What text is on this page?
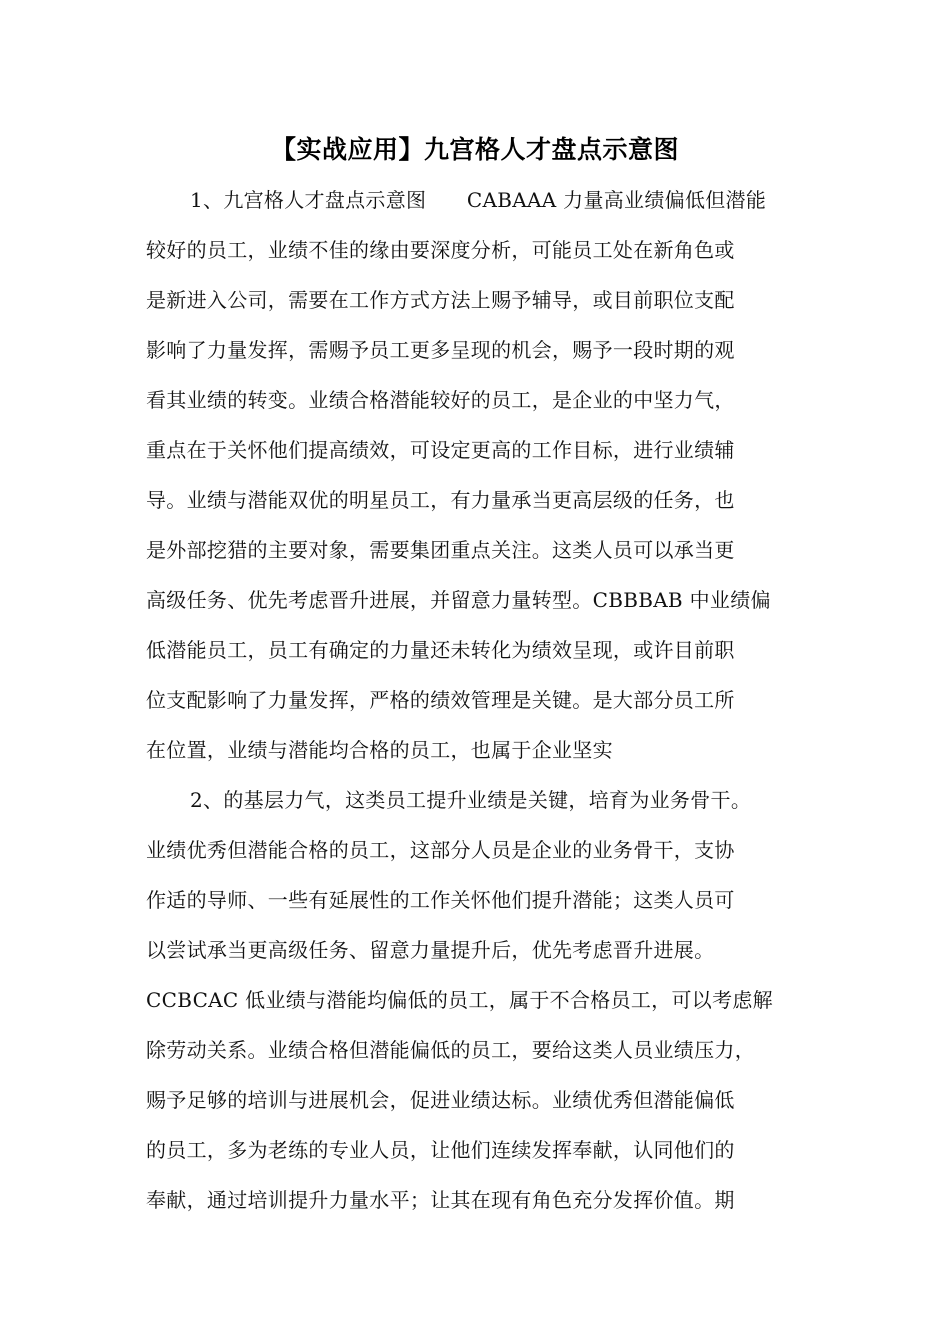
【实战应用】九宫格人才盘点示意图
1、九宫格人才盘点示意图　　CABAAA 力量高业绩偏低但潜能
较好的员工，业绩不佳的缘由要深度分析，可能员工处在新角色或
是新进入公司，需要在工作方式方法上赐予辅导，或目前职位支配
影响了力量发挥，需赐予员工更多呈现的机会，赐予一段时期的观
看其业绩的转变。业绩合格潜能较好的员工，是企业的中坚力气，
重点在于关怀他们提高绩效，可设定更高的工作目标，进行业绩辅
导。业绩与潜能双优的明星员工，有力量承当更高层级的任务，也
是外部挖猎的主要对象，需要集团重点关注。这类人员可以承当更
高级任务、优先考虑晋升进展，并留意力量转型。CBBBAB 中业绩偏
低潜能员工，员工有确定的力量还未转化为绩效呈现，或许目前职
位支配影响了力量发挥，严格的绩效管理是关键。是大部分员工所
在位置，业绩与潜能均合格的员工，也属于企业坚实
2、的基层力气，这类员工提升业绩是关键，培育为业务骨干。
业绩优秀但潜能合格的员工，这部分人员是企业的业务骨干，支协
作适的导师、一些有延展性的工作关怀他们提升潜能；这类人员可
以尝试承当更高级任务、留意力量提升后，优先考虑晋升进展。
CCBCAC 低业绩与潜能均偏低的员工，属于不合格员工，可以考虑解
除劳动关系。业绩合格但潜能偏低的员工，要给这类人员业绩压力，
赐予足够的培训与进展机会，促进业绩达标。业绩优秀但潜能偏低
的员工，多为老练的专业人员，让他们连续发挥奉献，认同他们的
奉献，通过培训提升力量水平；让其在现有角色充分发挥价值。期
